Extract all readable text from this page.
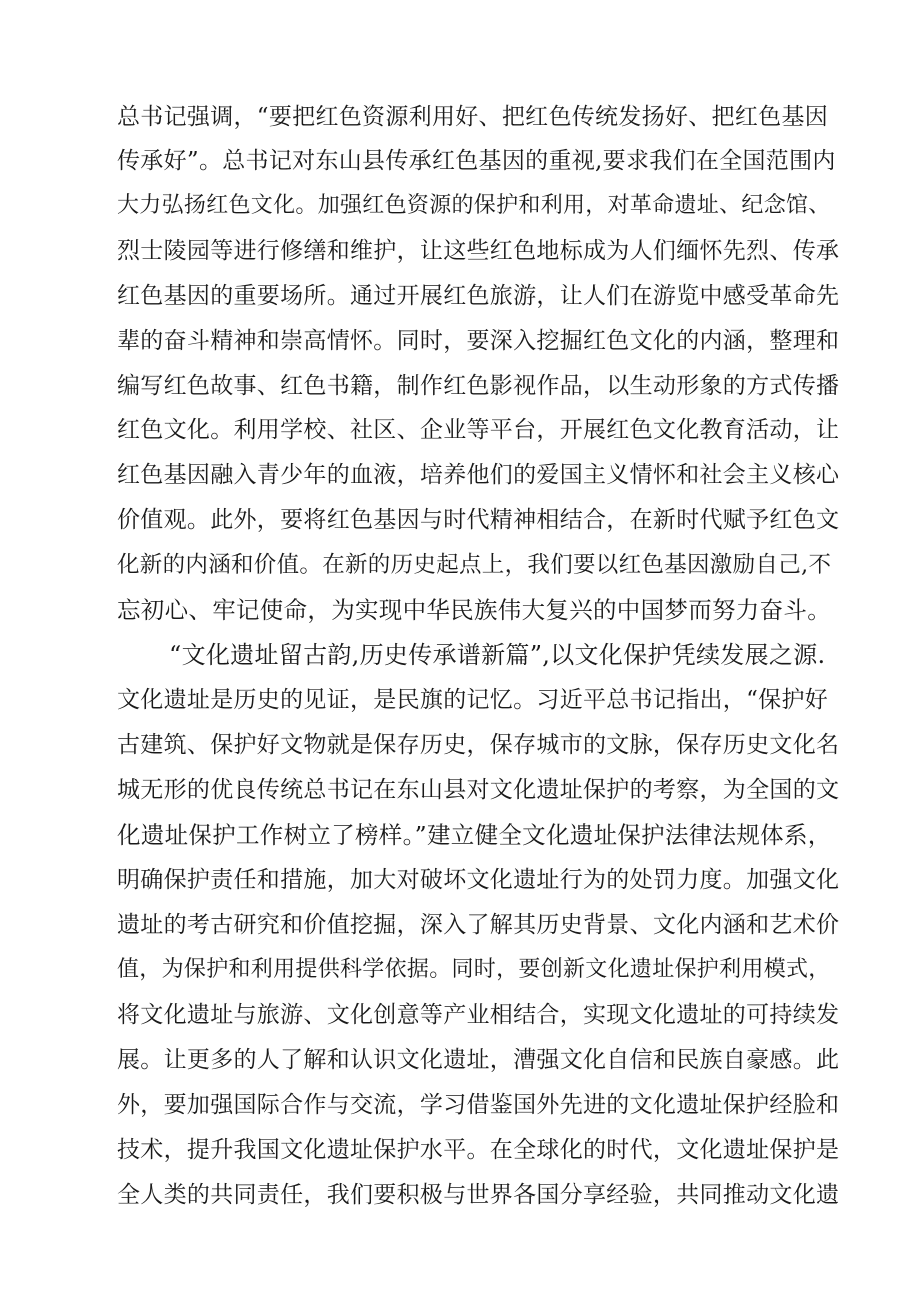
总书记强调，“要把红色资源利用好、把红色传统发扬好、把红色基因
传承好”。总书记对东山县传承红色基因的重视,要求我们在全国范围内
大力弘扬红色文化。加强红色资源的保护和利用，对革命遗址、纪念馆、
烈士陵园等进行修缮和维护，让这些红色地标成为人们缅怀先烈、传承
红色基因的重要场所。通过开展红色旅游，让人们在游览中感受革命先
辈的奋斗精神和崇高情怀。同时，要深入挖掘红色文化的内涵，整理和
编写红色故事、红色书籍，制作红色影视作品，以生动形象的方式传播
红色文化。利用学校、社区、企业等平台，开展红色文化教育活动，让
红色基因融入青少年的血液，培养他们的爱国主义情怀和社会主义核心
价值观。此外，要将红色基因与时代精神相结合，在新时代赋予红色文
化新的内涵和价值。在新的历史起点上，我们要以红色基因激励自己,不
忘初心、牢记使命，为实现中华民族伟大复兴的中国梦而努力奋斗。
“文化遗址留古韵,历史传承谱新篇”,以文化保护凭续发展之源.
文化遗址是历史的见证，是民旗的记忆。习近平总书记指出，“保护好
古建筑、保护好文物就是保存历史，保存城市的文脉，保存历史文化名
城无形的优良传统总书记在东山县对文化遗址保护的考察，为全国的文
化遗址保护工作树立了榜样。”建立健全文化遗址保护法律法规体系，
明确保护责任和措施，加大对破坏文化遗址行为的处罚力度。加强文化
遗址的考古研究和价值挖掘，深入了解其历史背景、文化内涵和艺术价
值，为保护和利用提供科学依据。同时，要创新文化遗址保护利用模式，
将文化遗址与旅游、文化创意等产业相结合，实现文化遗址的可持续发
展。让更多的人了解和认识文化遗址，漕强文化自信和民族自豪感。此
外，要加强国际合作与交流，学习借鉴国外先进的文化遗址保护经脸和
技术，提升我国文化遗址保护水平。在全球化的时代，文化遗址保护是
全人类的共同责任，我们要积极与世界各国分享经验，共同推动文化遗
